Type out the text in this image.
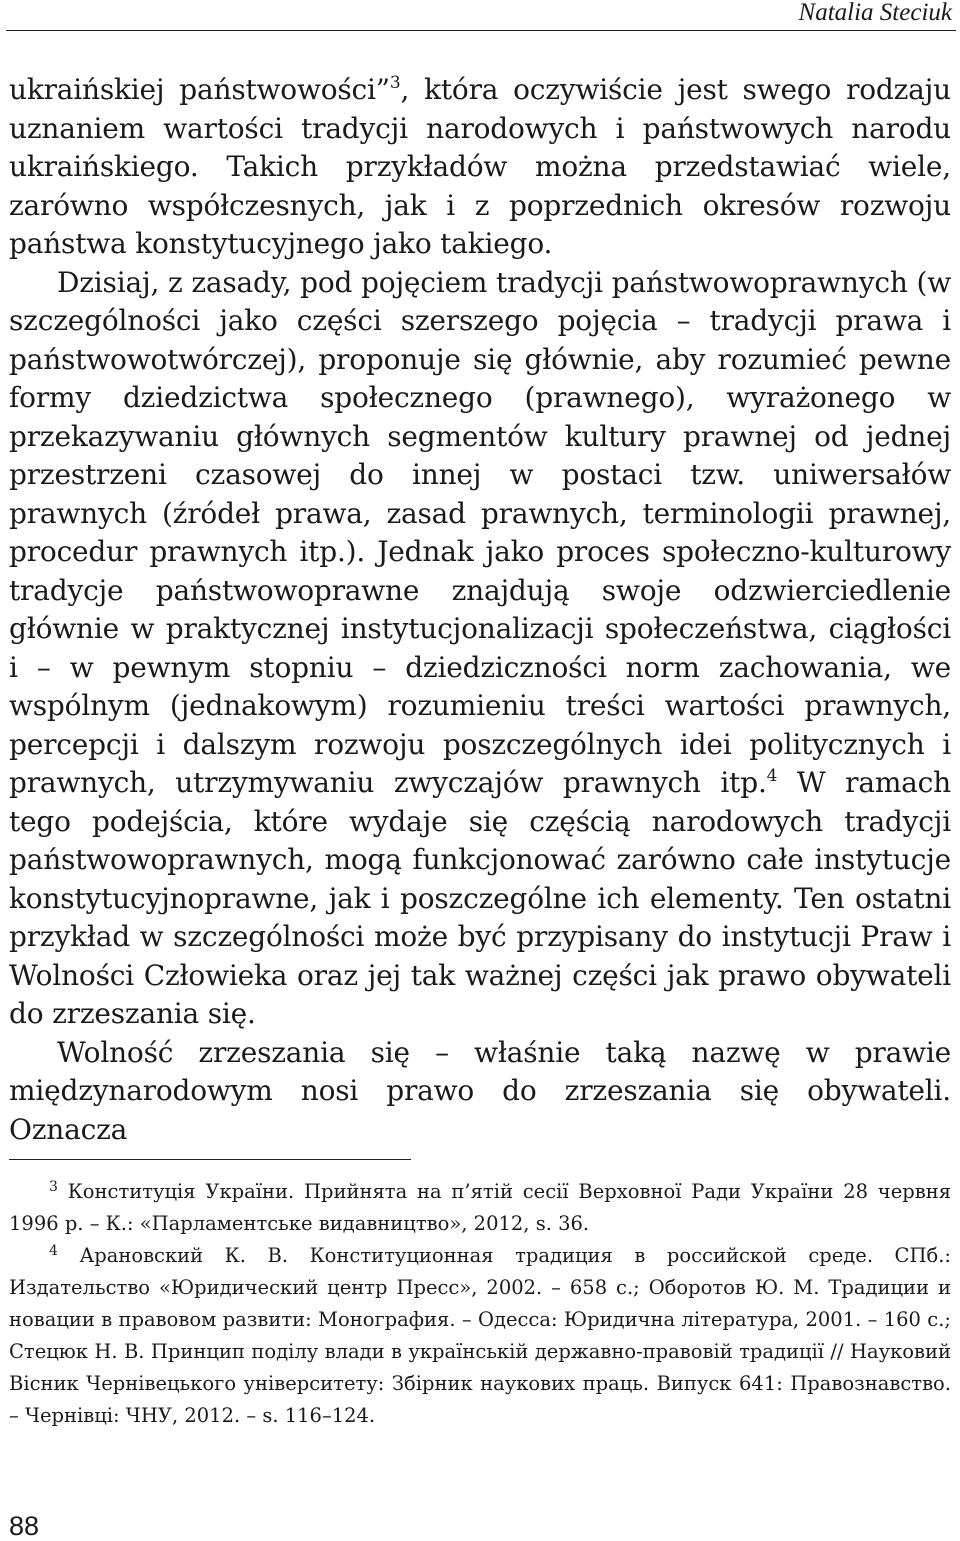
Natalia Steciuk

ukraińskiej państwowości”$^3$, która oczywiście jest swego rodzaju uznaniem wartości tradycji narodowych i państwowych narodu ukraińskiego. Takich przykładów można przedstawiać wiele, zarówno współczesnych, jak i z poprzednich okresów rozwoju państwa konstytucyjnego jako takiego.

Dzisiaj, z zasady, pod pojęciem tradycji państwowoprawnych (w szczególności jako części szerszego pojęcia – tradycji prawa i państwowotwórczej), proponuje się głównie, aby rozumieć pewne formy dziedzictwa społecznego (prawnego), wyrażonego w przekazywaniu głównych segmentów kultury prawnej od jednej przestrzeni czasowej do innej w postaci tzw. uniwersałów prawnych (źródeł prawa, zasad prawnych, terminologii prawnej, procedur prawnych itp.). Jednak jako proces społeczno-kulturowy tradycje państwowoprawne znajdują swoje odzwierciedlenie głównie w praktycznej instytucjonalizacji społeczeństwa, ciągłości i – w pewnym stopniu – dziedziczności norm zachowania, we wspólnym (jednakowym) rozumieniu treści wartości prawnych, percepcji i dalszym rozwoju poszczególnych idei politycznych i prawnych, utrzymywaniu zwyczajów prawnych itp.$^4$ W ramach tego podejścia, które wydaje się częścią narodowych tradycji państwowoprawnych, mogą funkcjonować zarówno całe instytucje konstytucyjnoprawne, jak i poszczególne ich elementy. Ten ostatni przykład w szczególności może być przypisany do instytucji Praw i Wolności Człowieka oraz jej tak ważnej części jak prawo obywateli do zrzeszania się.

Wolność zrzeszania się – właśnie taką nazwę w prawie międzynarodowym nosi prawo do zrzeszania się obywateli. Oznacza

$^3$ Конституція України. Прийнята на п’ятій сесії Верховної Ради України 28 червня 1996 р. – К.: «Парламентське видавництво», 2012, s. 36.

$^4$ Арановский К. В. Конституционная традиция в российской среде. СПб.: Издательство «Юридический центр Пресс», 2002. – 658 с.; Оборотов Ю. М. Традиции и новации в правовом развити: Монография. – Одесса: Юридична література, 2001. – 160 с.; Стецюк Н. В. Принцип поділу влади в українській державно-правовій традиції // Науковий Вісник Чернівецького університету: Збірник наукових праць. Випуск 641: Правознавство. – Чернівці: ЧНУ, 2012. – s. 116–124.

88
